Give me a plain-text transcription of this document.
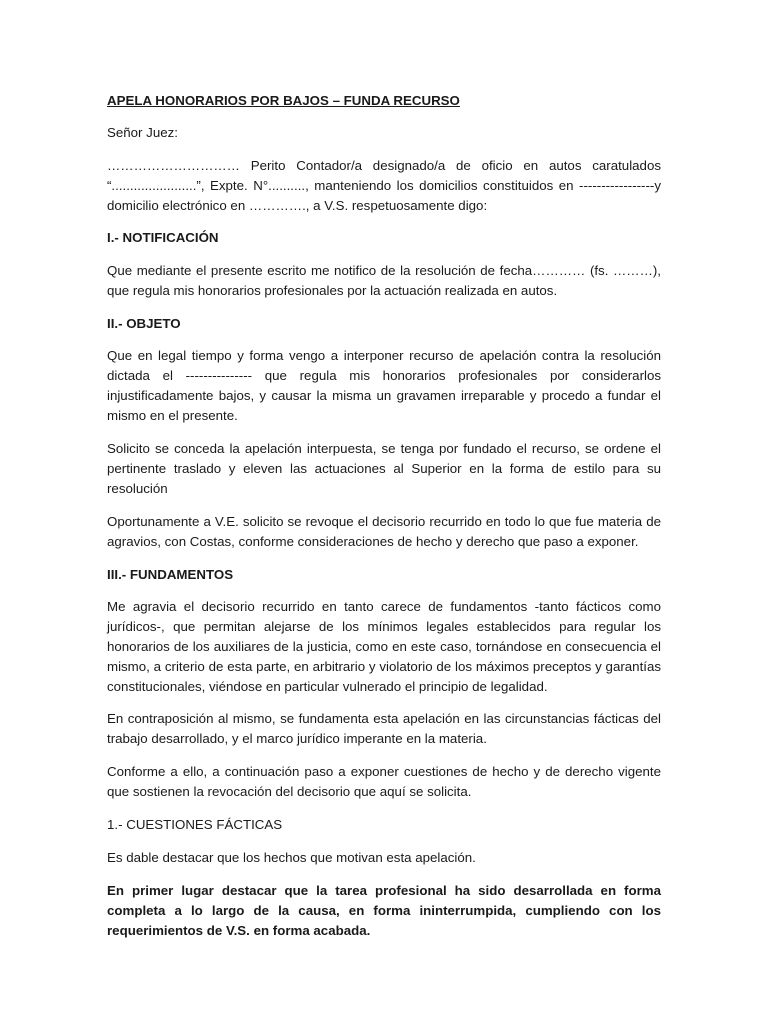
APELA HONORARIOS POR BAJOS – FUNDA RECURSO

Señor Juez:

………………………… Perito Contador/a designado/a de oficio en autos caratulados “.......................”, Expte. N°.........., manteniendo los domicilios constituidos en -----------------y domicilio electrónico en …………., a V.S. respetuosamente digo:

I.- NOTIFICACIÓN

Que mediante el presente escrito me notifico de la resolución de fecha………… (fs. ………), que regula mis honorarios profesionales por la actuación realizada en autos.

II.- OBJETO

Que en legal tiempo y forma vengo a interponer recurso de apelación contra la resolución dictada el --------------- que regula mis honorarios profesionales por considerarlos injustificadamente bajos, y causar la misma un gravamen irreparable y procedo a fundar el mismo en el presente.

Solicito se conceda la apelación interpuesta, se tenga por fundado el recurso, se ordene el pertinente traslado y eleven las actuaciones al Superior en la forma de estilo para su resolución

Oportunamente a V.E. solicito se revoque el decisorio recurrido en todo lo que fue materia de agravios, con Costas, conforme consideraciones de hecho y derecho que paso a exponer.

III.- FUNDAMENTOS

Me agravia el decisorio recurrido en tanto carece de fundamentos -tanto fácticos como jurídicos-, que permitan alejarse de los mínimos legales establecidos para regular los honorarios de los auxiliares de la justicia, como en este caso, tornándose en consecuencia el mismo, a criterio de esta parte, en arbitrario y violatorio de los máximos preceptos y garantías constitucionales, viéndose en particular vulnerado el principio de legalidad.

En contraposición al mismo, se fundamenta esta apelación en las circunstancias fácticas del trabajo desarrollado, y el marco jurídico imperante en la materia.

Conforme a ello, a continuación paso a exponer cuestiones de hecho y de derecho vigente que sostienen la revocación del decisorio que aquí se solicita.

1.- CUESTIONES FÁCTICAS

Es dable destacar que los hechos que motivan esta apelación.

En primer lugar destacar que la tarea profesional ha sido desarrollada en forma completa a lo largo de la causa, en forma ininterrumpida, cumpliendo con los requerimientos de V.S. en forma acabada.
